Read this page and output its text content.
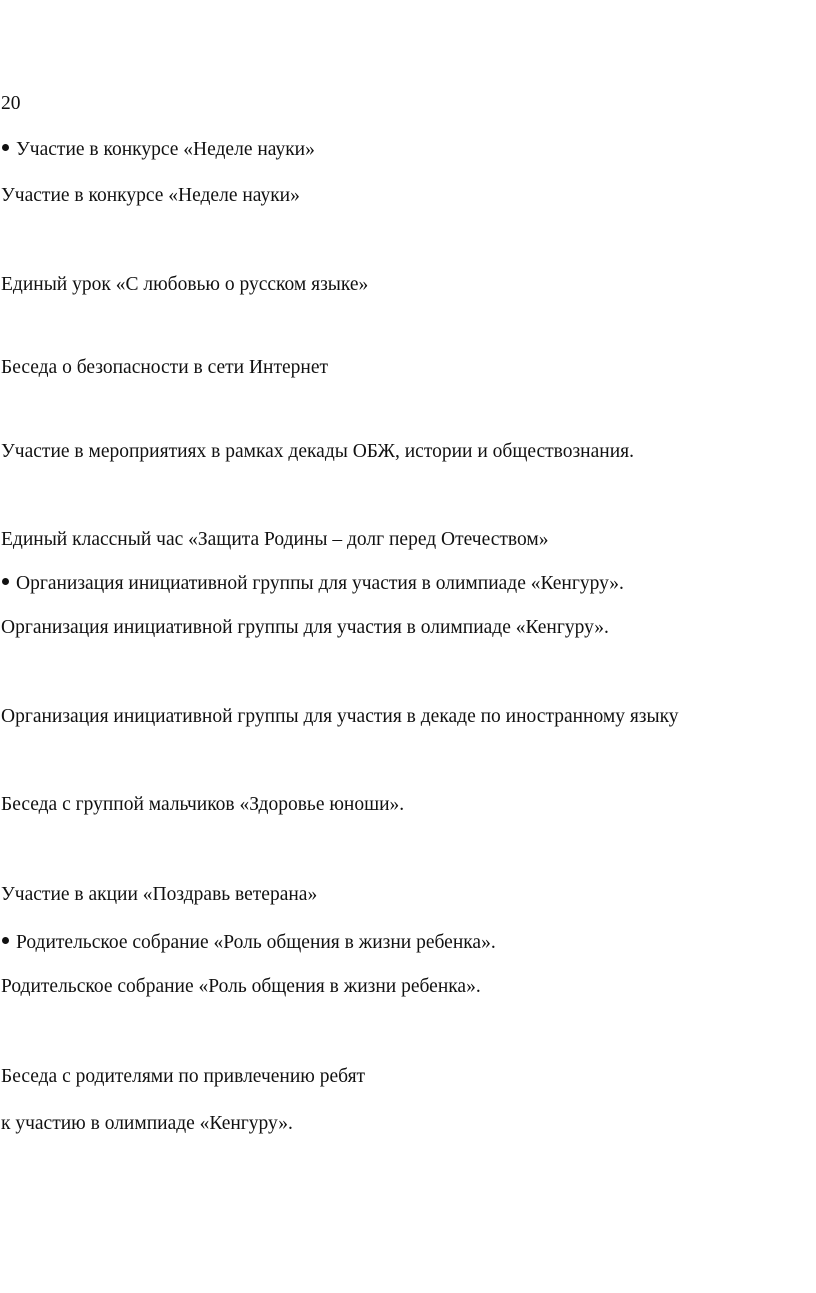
20
Участие в конкурсе «Неделе науки»
Участие в конкурсе «Неделе науки»
Единый урок «С любовью о русском языке»
Беседа о безопасности в сети Интернет
Участие в мероприятиях в рамках декады ОБЖ, истории и обществознания.
Единый классный час «Защита Родины – долг перед Отечеством»
Организация инициативной группы для участия в олимпиаде «Кенгуру».
Организация инициативной группы для участия в олимпиаде «Кенгуру».
Организация инициативной группы для участия в декаде по иностранному языку
Беседа с группой мальчиков «Здоровье юноши».
Участие в акции «Поздравь ветерана»
Родительское собрание «Роль общения в жизни ребенка».
Родительское собрание «Роль общения в жизни ребенка».
Беседа с родителями по привлечению ребят
к участию в олимпиаде «Кенгуру».
